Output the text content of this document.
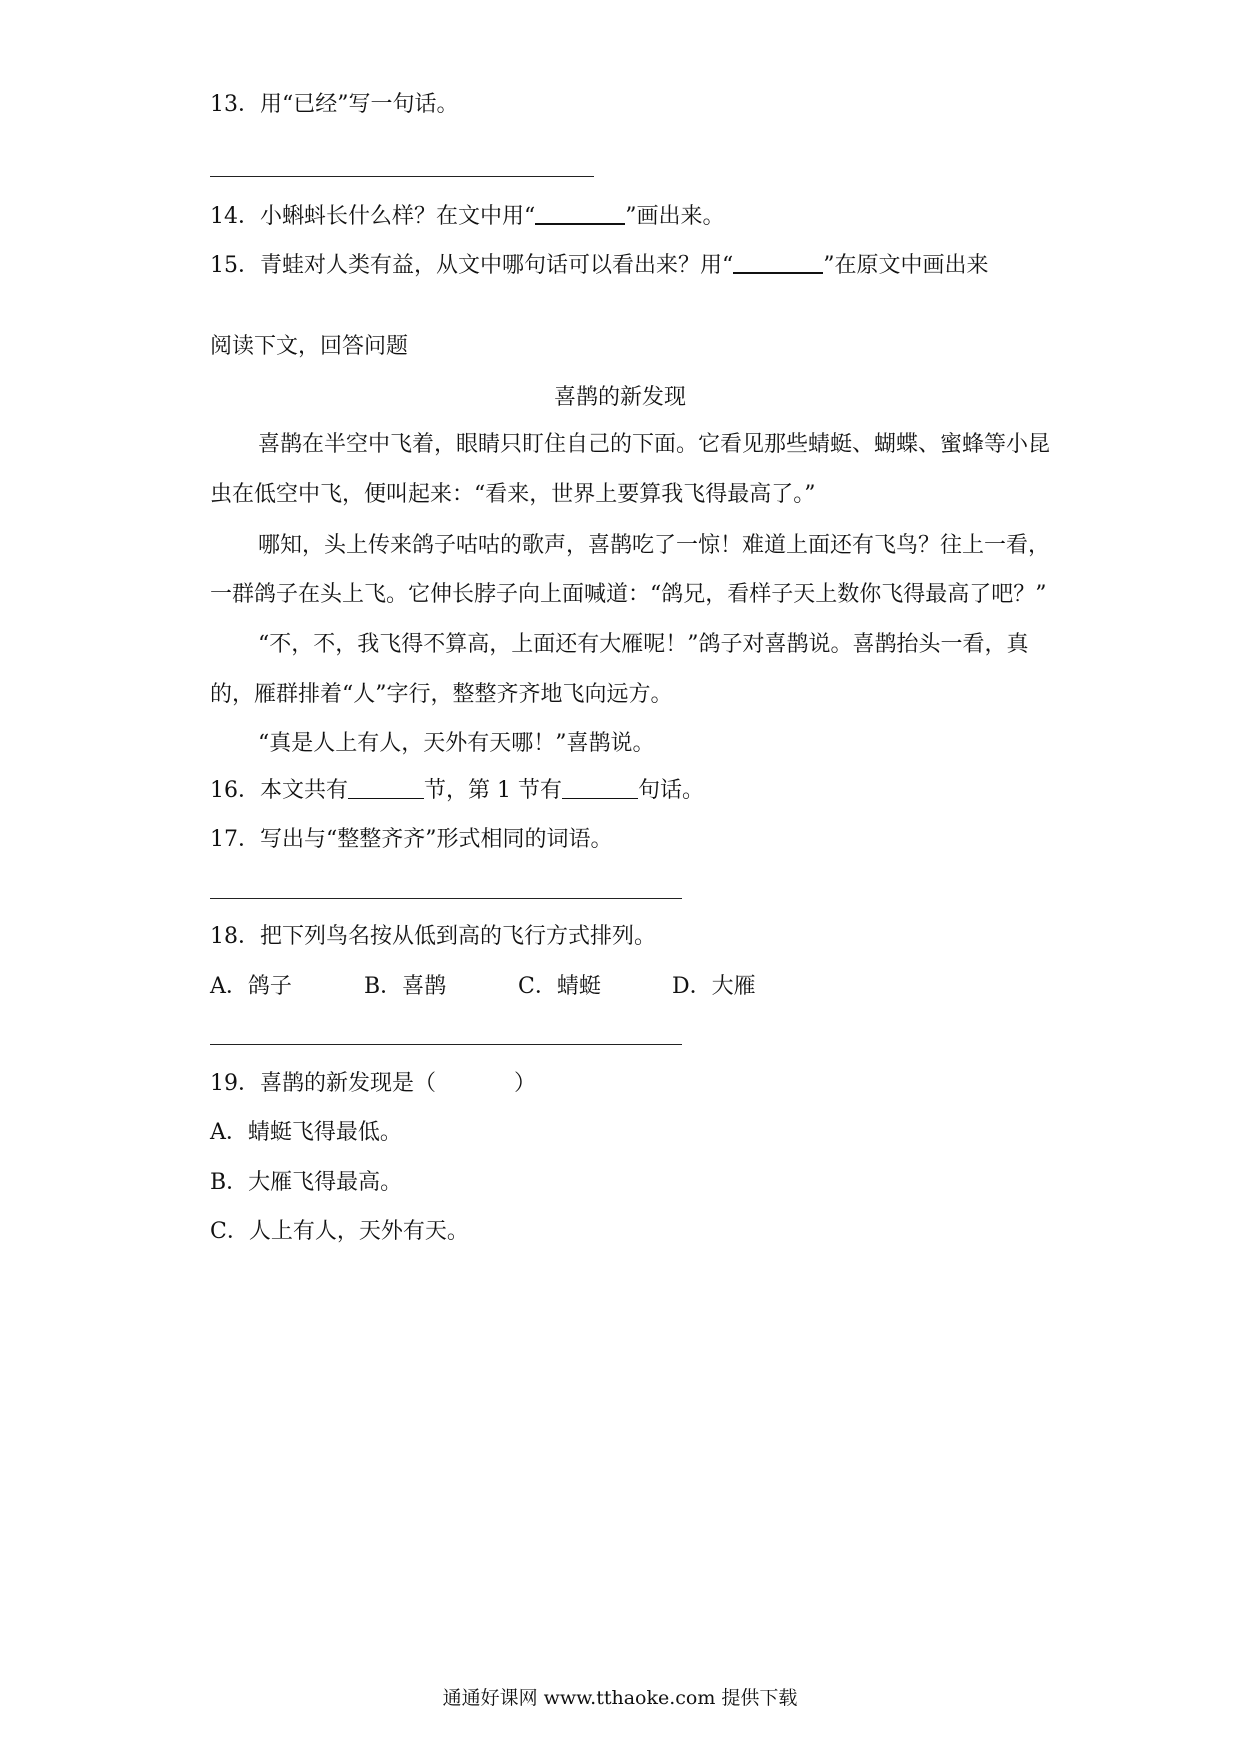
13．用“已经”写一句话。
14．小蝌蚪长什么样？在文中用“	”画出来。
15．青蛙对人类有益，从文中哪句话可以看出来？用“	”在原文中画出来
阅读下文，回答问题
喜鹊的新发现
喜鹊在半空中飞着，眼睛只盯住自己的下面。它看见那些蜻蜓、蝴蝶、蜜蜂等小昆
虫在低空中飞，便叫起来：“看来，世界上要算我飞得最高了。”
哪知，头上传来鸽子咕咕的歌声，喜鹊吃了一惊！难道上面还有飞鸟？往上一看，
一群鸽子在头上飞。它伸长脖子向上面喊道：“鸽兄，看样子天上数你飞得最高了吧？”
“不，不，我飞得不算高，上面还有大雁呢！”鸽子对喜鹊说。喜鹊抬头一看，真
的，雁群排着“人”字行，整整齐齐地飞向远方。
“真是人上有人，天外有天哪！”喜鹊说。
16．本文共有	节，第 1 节有	句话。
17．写出与“整整齐齐”形式相同的词语。
18．把下列鸟名按从低到高的飞行方式排列。
A．鸽子	B．喜鹊	C．蜻蜓	D．大雁
19．喜鹊的新发现是（	）
A．蜻蜓飞得最低。
B．大雁飞得最高。
C．人上有人，天外有天。
通通好课网 www.tthaoke.com 提供下载
